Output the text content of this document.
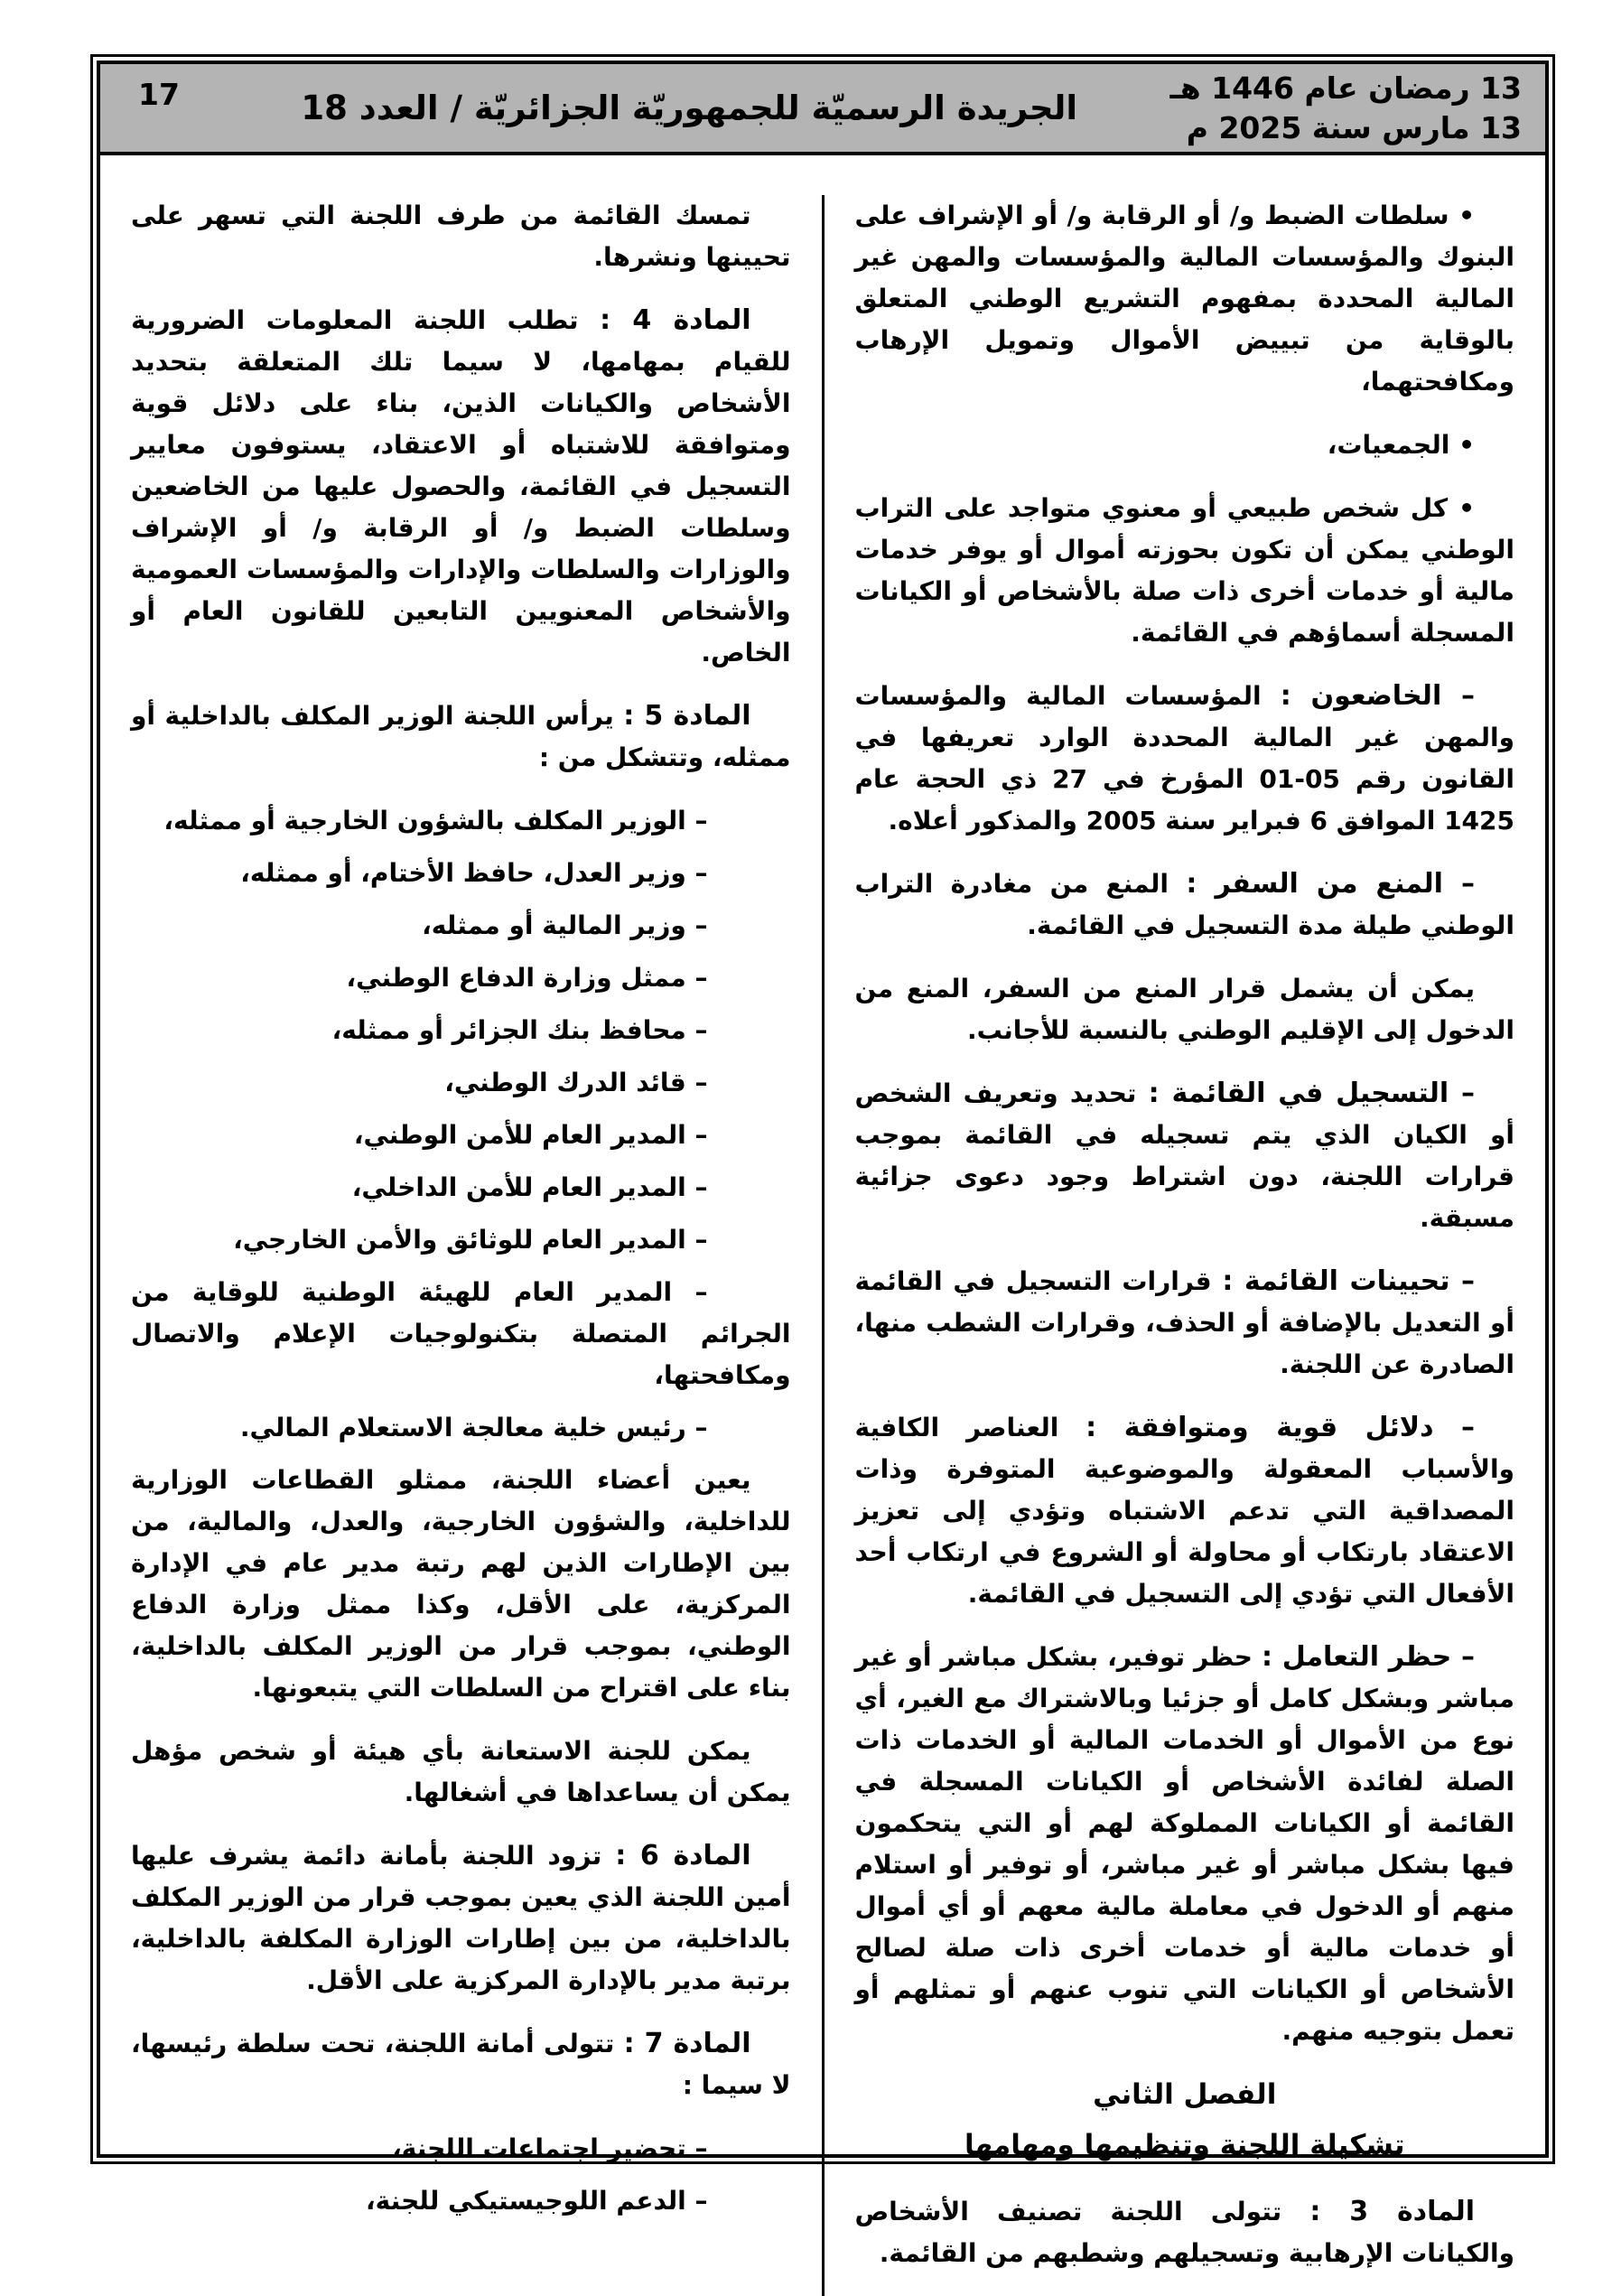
13 رمضان عام 1446 هـ
13 مارس سنة 2025 م
الجريدة الرسميّة للجمهوريّة الجزائريّة / العدد 18
17

• سلطات الضبط و/ أو الرقابة و/ أو الإشراف على البنوك والمؤسسات المالية والمؤسسات والمهن غير المالية المحددة بمفهوم التشريع الوطني المتعلق بالوقاية من تبييض الأموال وتمويل الإرهاب ومكافحتهما،

• الجمعيات،

• كل شخص طبيعي أو معنوي متواجد على التراب الوطني يمكن أن تكون بحوزته أموال أو يوفر خدمات مالية أو خدمات أخرى ذات صلة بالأشخاص أو الكيانات المسجلة أسماؤهم في القائمة.

– الخاضعون : المؤسسات المالية والمؤسسات والمهن غير المالية المحددة الوارد تعريفها في القانون رقم 05-01 المؤرخ في 27 ذي الحجة عام 1425 الموافق 6 فبراير سنة 2005 والمذكور أعلاه.

– المنع من السفر : المنع من مغادرة التراب الوطني طيلة مدة التسجيل في القائمة.

يمكن أن يشمل قرار المنع من السفر، المنع من الدخول إلى الإقليم الوطني بالنسبة للأجانب.

– التسجيل في القائمة : تحديد وتعريف الشخص أو الكيان الذي يتم تسجيله في القائمة بموجب قرارات اللجنة، دون اشتراط وجود دعوى جزائية مسبقة.

– تحيينات القائمة : قرارات التسجيل في القائمة أو التعديل بالإضافة أو الحذف، وقرارات الشطب منها، الصادرة عن اللجنة.

– دلائل قوية ومتوافقة : العناصر الكافية والأسباب المعقولة والموضوعية المتوفرة وذات المصداقية التي تدعم الاشتباه وتؤدي إلى تعزيز الاعتقاد بارتكاب أو محاولة أو الشروع في ارتكاب أحد الأفعال التي تؤدي إلى التسجيل في القائمة.

– حظر التعامل : حظر توفير، بشكل مباشر أو غير مباشر وبشكل كامل أو جزئيا وبالاشتراك مع الغير، أي نوع من الأموال أو الخدمات المالية أو الخدمات ذات الصلة لفائدة الأشخاص أو الكيانات المسجلة في القائمة أو الكيانات المملوكة لهم أو التي يتحكمون فيها بشكل مباشر أو غير مباشر، أو توفير أو استلام منهم أو الدخول في معاملة مالية معهم أو أي أموال أو خدمات مالية أو خدمات أخرى ذات صلة لصالح الأشخاص أو الكيانات التي تنوب عنهم أو تمثلهم أو تعمل بتوجيه منهم.

الفصل الثاني

تشكيلة اللجنة وتنظيمها ومهامها

المادة 3 : تتولى اللجنة تصنيف الأشخاص والكيانات الإرهابية وتسجيلهم وشطبهم من القائمة.

تمسك القائمة من طرف اللجنة التي تسهر على تحيينها ونشرها.

المادة 4 : تطلب اللجنة المعلومات الضرورية للقيام بمهامها، لا سيما تلك المتعلقة بتحديد الأشخاص والكيانات الذين، بناء على دلائل قوية ومتوافقة للاشتباه أو الاعتقاد، يستوفون معايير التسجيل في القائمة، والحصول عليها من الخاضعين وسلطات الضبط و/ أو الرقابة و/ أو الإشراف والوزارات والسلطات والإدارات والمؤسسات العمومية والأشخاص المعنويين التابعين للقانون العام أو الخاص.

المادة 5 : يرأس اللجنة الوزير المكلف بالداخلية أو ممثله، وتتشكل من :

– الوزير المكلف بالشؤون الخارجية أو ممثله،

– وزير العدل، حافظ الأختام، أو ممثله،

– وزير المالية أو ممثله،

– ممثل وزارة الدفاع الوطني،

– محافظ بنك الجزائر أو ممثله،

– قائد الدرك الوطني،

– المدير العام للأمن الوطني،

– المدير العام للأمن الداخلي،

– المدير العام للوثائق والأمن الخارجي،

– المدير العام للهيئة الوطنية للوقاية من الجرائم المتصلة بتكنولوجيات الإعلام والاتصال ومكافحتها،

– رئيس خلية معالجة الاستعلام المالي.

يعين أعضاء اللجنة، ممثلو القطاعات الوزارية للداخلية، والشؤون الخارجية، والعدل، والمالية، من بين الإطارات الذين لهم رتبة مدير عام في الإدارة المركزية، على الأقل، وكذا ممثل وزارة الدفاع الوطني، بموجب قرار من الوزير المكلف بالداخلية، بناء على اقتراح من السلطات التي يتبعونها.

يمكن للجنة الاستعانة بأي هيئة أو شخص مؤهل يمكن أن يساعداها في أشغالها.

المادة 6 : تزود اللجنة بأمانة دائمة يشرف عليها أمين اللجنة الذي يعين بموجب قرار من الوزير المكلف بالداخلية، من بين إطارات الوزارة المكلفة بالداخلية، برتبة مدير بالإدارة المركزية على الأقل.

المادة 7 : تتولى أمانة اللجنة، تحت سلطة رئيسها، لا سيما :

– تحضير اجتماعات اللجنة،

– الدعم اللوجيستيكي للجنة،
